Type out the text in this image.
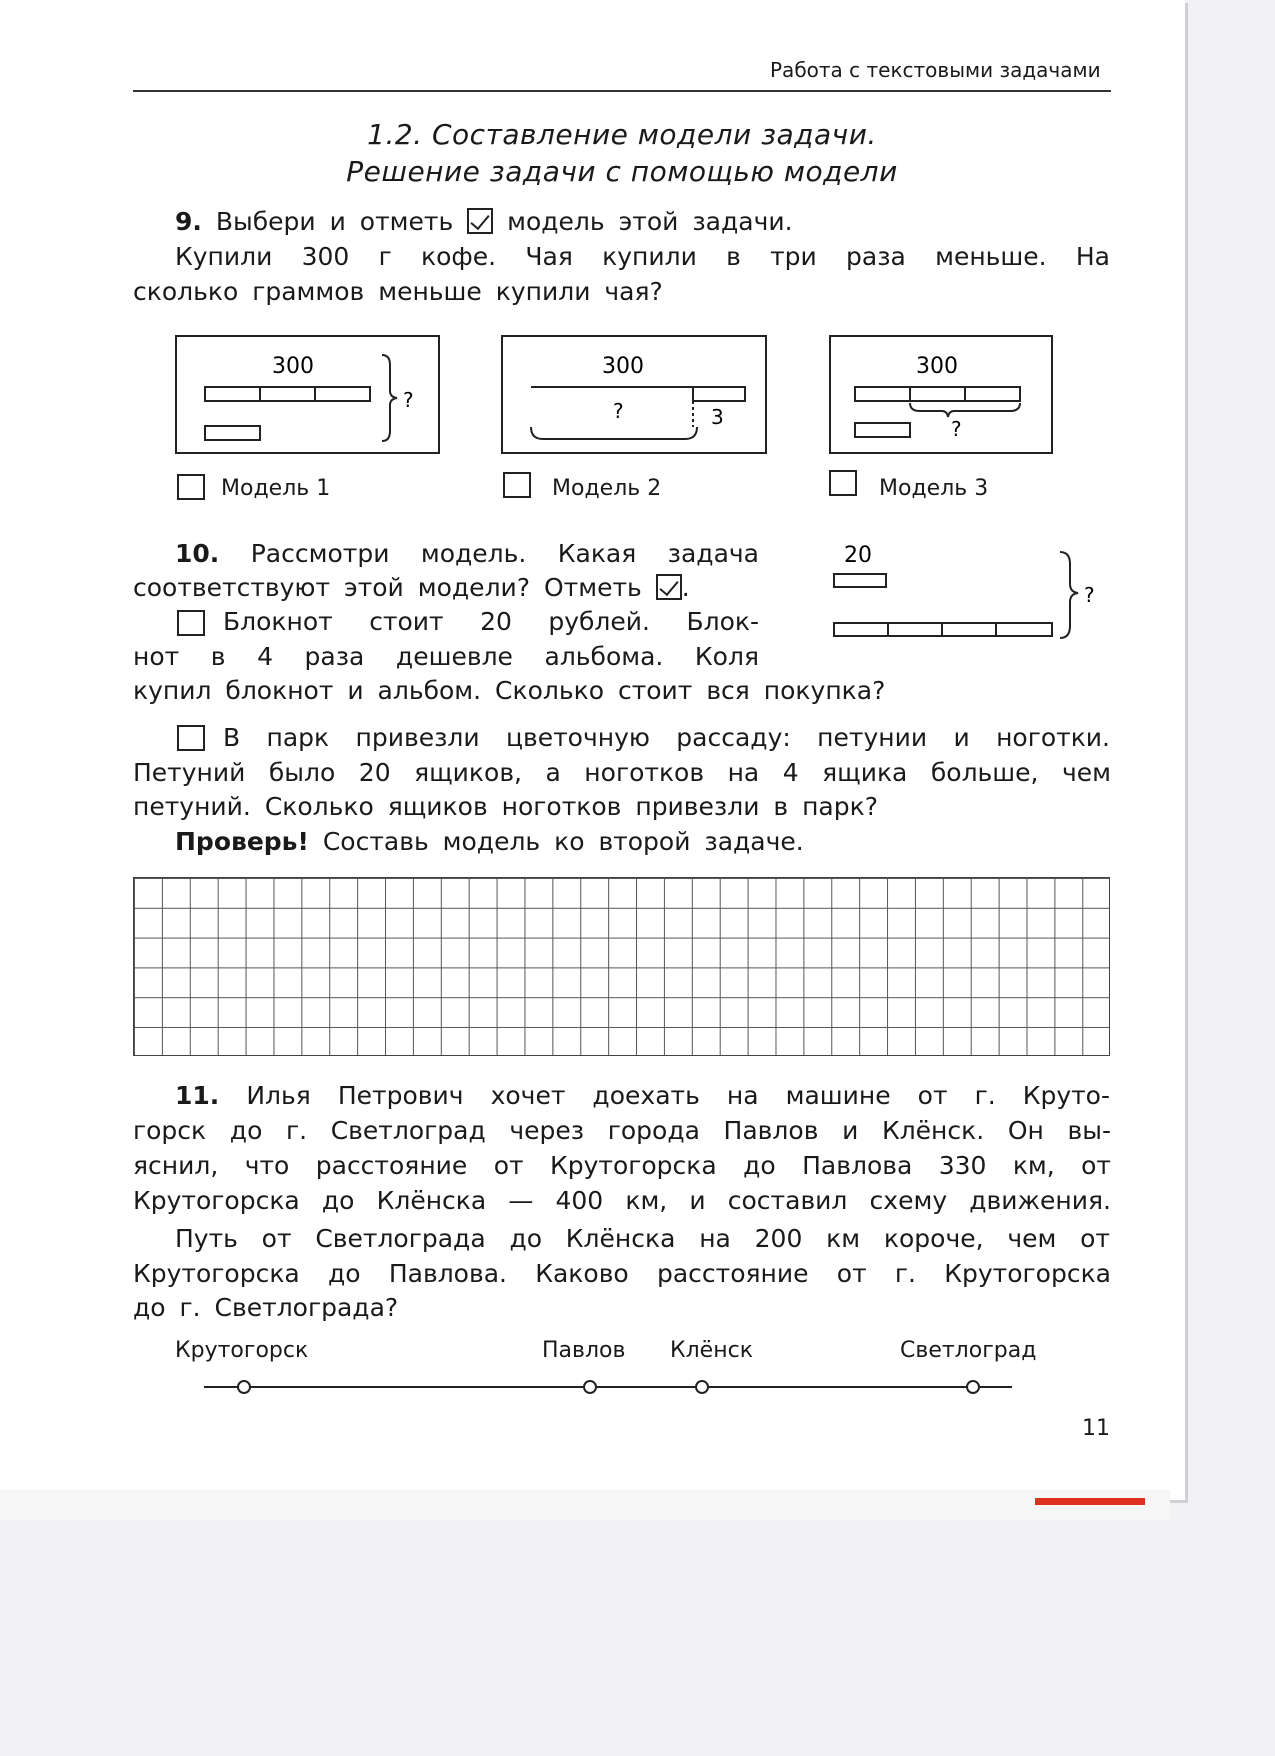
Работа с текстовыми задачами

1.2. Составление модели задачи.

Решение задачи с помощью модели

9. Выбери и отметь модель этой задачи.

Купили 300 г кофе. Чая купили в три раза меньше. На

сколько граммов меньше купили чая?

300
?
Модель 1
300
3
?
Модель 2
300
?
Модель 3

10. Рассмотри модель. Какая задача

соответствуют этой модели? Отметь .

20
?

Блокнот стоит 20 рублей. Блок-

нот в 4 раза дешевле альбома. Коля

купил блокнот и альбом. Сколько стоит вся покупка?

В парк привезли цветочную рассаду: петунии и ноготки.

Петуний было 20 ящиков, а ноготков на 4 ящика больше, чем

петуний. Сколько ящиков ноготков привезли в парк?

Проверь! Составь модель ко второй задаче.

11. Илья Петрович хочет доехать на машине от г. Круто-

горск до г. Светлоград через города Павлов и Клёнск. Он вы-

яснил, что расстояние от Крутогорска до Павлова 330 км, от

Крутогорска до Клёнска — 400 км, и составил схему движения.

Путь от Светлограда до Клёнска на 200 км короче, чем от

Крутогорска до Павлова. Каково расстояние от г. Крутогорска

до г. Светлограда?

Крутогорск	Павлов Клёнск	Светлоград

11
